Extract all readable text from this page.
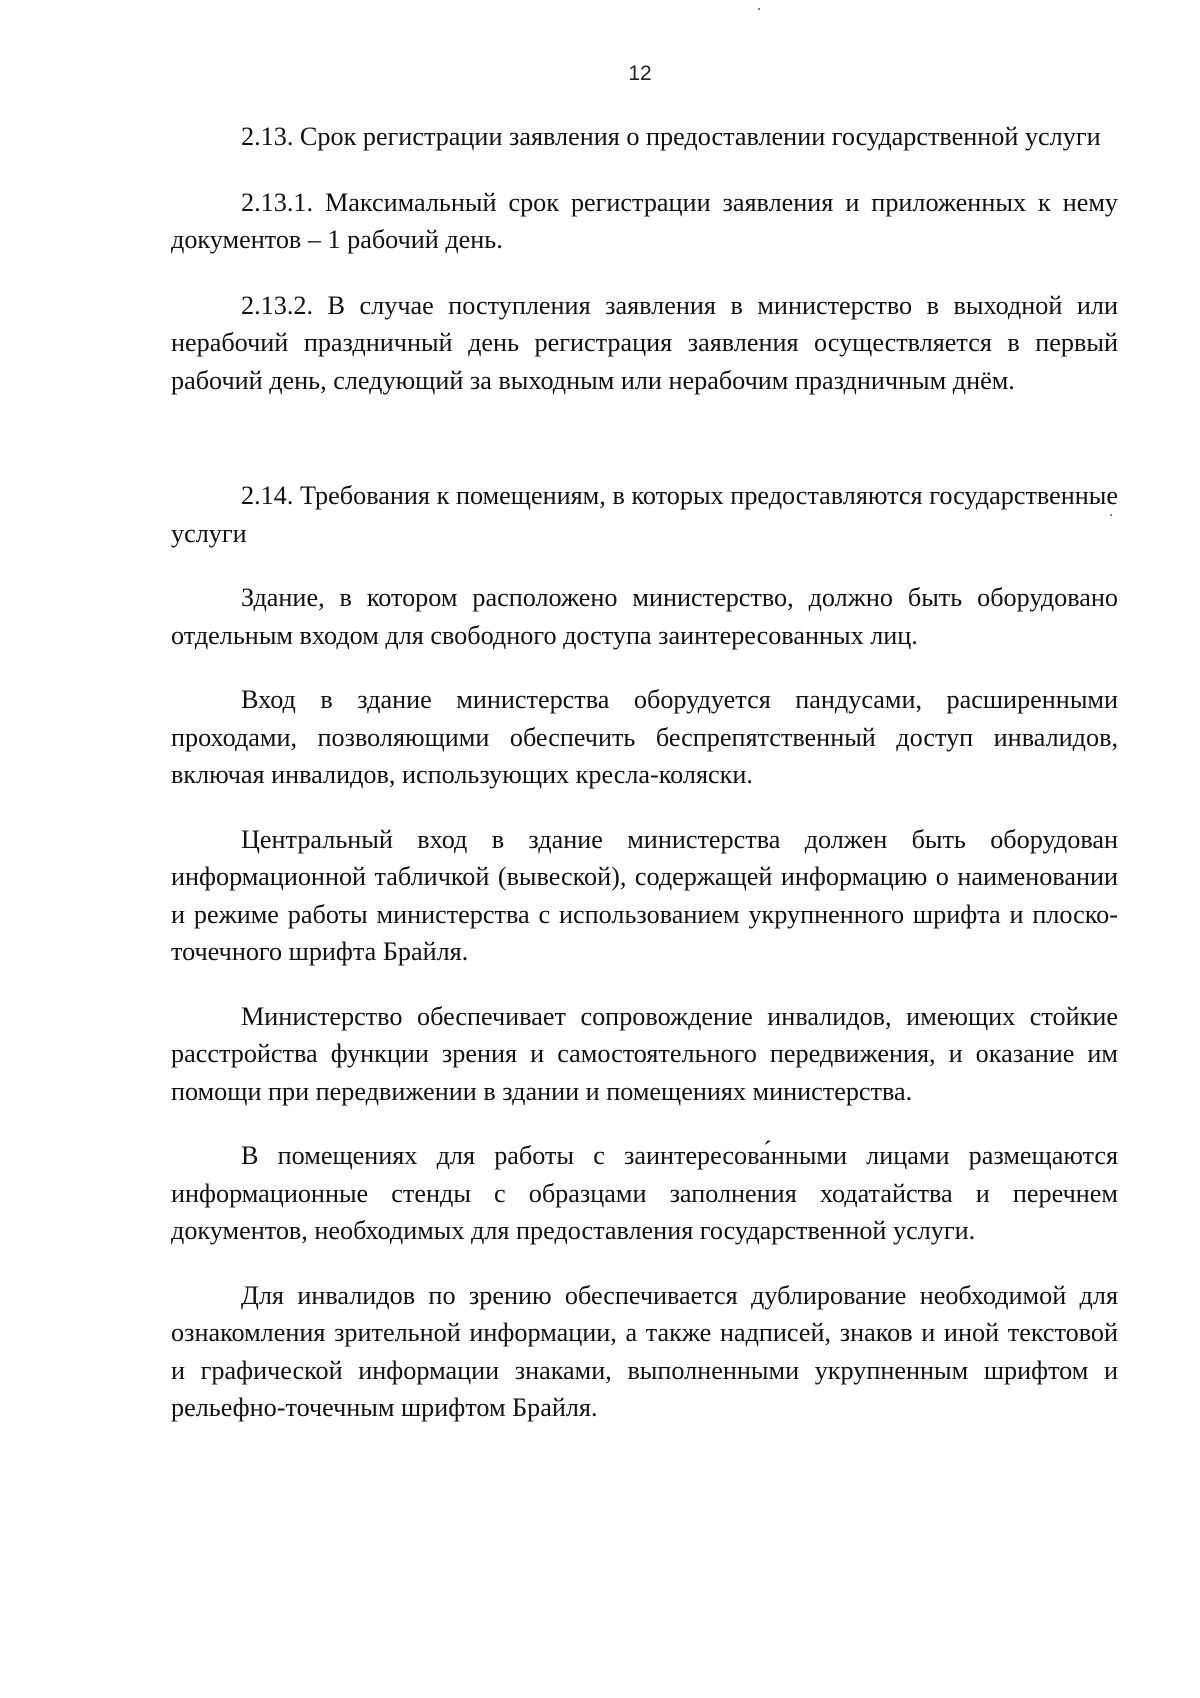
12

2.13. Срок регистрации заявления о предоставлении государственной услуги

2.13.1. Максимальный срок регистрации заявления и приложенных к нему документов – 1 рабочий день.

2.13.2. В случае поступления заявления в министерство в выходной или нерабочий праздничный день регистрация заявления осуществляется в первый рабочий день, следующий за выходным или нерабочим праздничным днём.

2.14. Требования к помещениям, в которых предоставляются государственные услуги

Здание, в котором расположено министерство, должно быть оборудовано отдельным входом для свободного доступа заинтересованных лиц.

Вход в здание министерства оборудуется пандусами, расширенными проходами, позволяющими обеспечить беспрепятственный доступ инвалидов, включая инвалидов, использующих кресла-коляски.

Центральный вход в здание министерства должен быть оборудован информационной табличкой (вывеской), содержащей информацию о наименовании и режиме работы министерства с использованием укрупненного шрифта и плоско-точечного шрифта Брайля.

Министерство обеспечивает сопровождение инвалидов, имеющих стойкие расстройства функции зрения и самостоятельного передвижения, и оказание им помощи при передвижении в здании и помещениях министерства.

В помещениях для работы с заинтересова́нными лицами размещаются информационные стенды с образцами заполнения ходатайства и перечнем документов, необходимых для предоставления государственной услуги.

Для инвалидов по зрению обеспечивается дублирование необходимой для ознакомления зрительной информации, а также надписей, знаков и иной текстовой и графической информации знаками, выполненными укрупненным шрифтом и рельефно-точечным шрифтом Брайля.
